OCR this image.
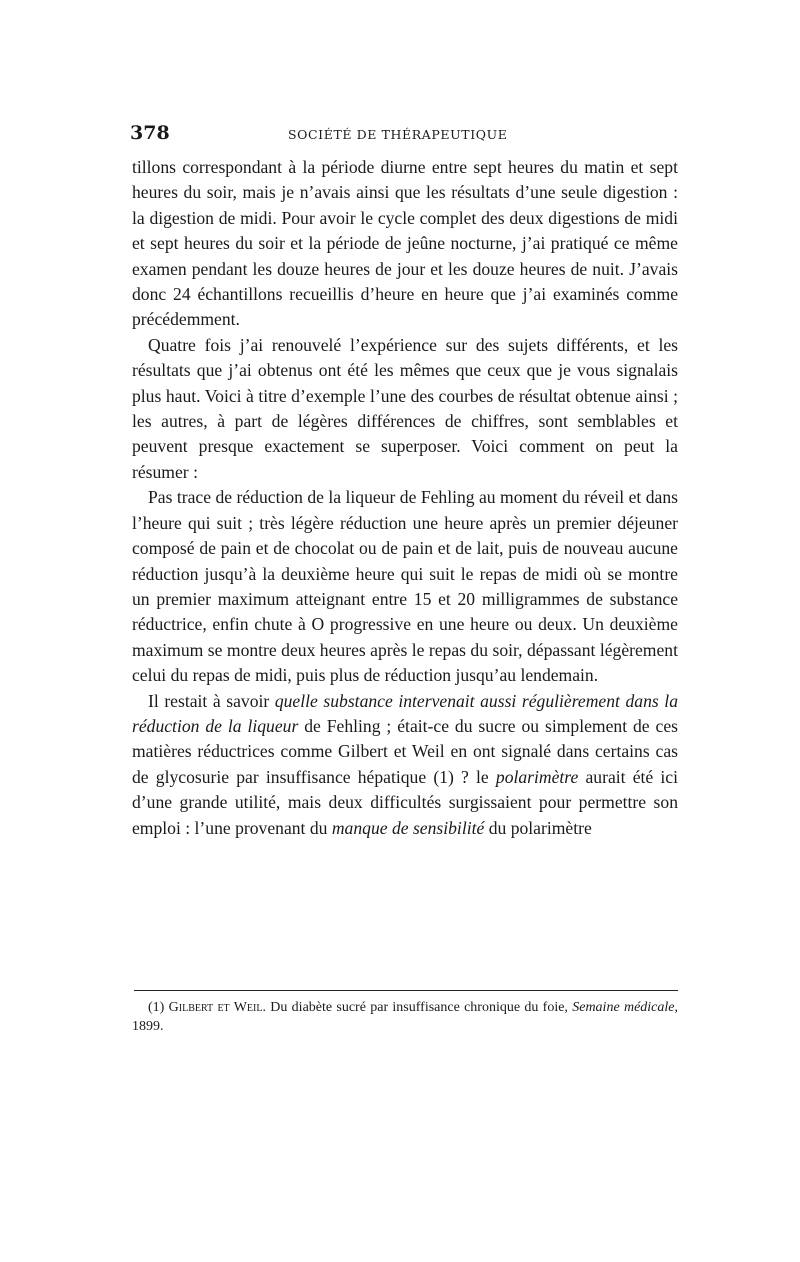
378	SOCIÉTÉ DE THÉRAPEUTIQUE

tillons correspondant à la période diurne entre sept heures du matin et sept heures du soir, mais je n’avais ainsi que les résultats d’une seule digestion : la digestion de midi. Pour avoir le cycle complet des deux digestions de midi et sept heures du soir et la période de jeûne nocturne, j’ai pratiqué ce même examen pendant les douze heures de jour et les douze heures de nuit. J’avais donc 24 échantillons recueillis d’heure en heure que j’ai examinés comme précédemment.

Quatre fois j’ai renouvelé l’expérience sur des sujets différents, et les résultats que j’ai obtenus ont été les mêmes que ceux que je vous signalais plus haut. Voici à titre d’exemple l’une des courbes de résultat obtenue ainsi ; les autres, à part de légères différences de chiffres, sont semblables et peuvent presque exactement se superposer. Voici comment on peut la résumer :

Pas trace de réduction de la liqueur de Fehling au moment du réveil et dans l’heure qui suit ; très légère réduction une heure après un premier déjeuner composé de pain et de chocolat ou de pain et de lait, puis de nouveau aucune réduction jusqu’à la deuxième heure qui suit le repas de midi où se montre un premier maximum atteignant entre 15 et 20 milligrammes de substance réductrice, enfin chute à O progressive en une heure ou deux. Un deuxième maximum se montre deux heures après le repas du soir, dépassant légèrement celui du repas de midi, puis plus de réduction jusqu’au lendemain.

Il restait à savoir quelle substance intervenait aussi régulièrement dans la réduction de la liqueur de Fehling ; était-ce du sucre ou simplement de ces matières réductrices comme Gilbert et Weil en ont signalé dans certains cas de glycosurie par insuffisance hépatique (1) ? le polarimètre aurait été ici d’une grande utilité, mais deux difficultés surgissaient pour permettre son emploi : l’une provenant du manque de sensibilité du polarimètre

(1) Gilbert et Weil. Du diabète sucré par insuffisance chronique du foie, Semaine médicale, 1899.
